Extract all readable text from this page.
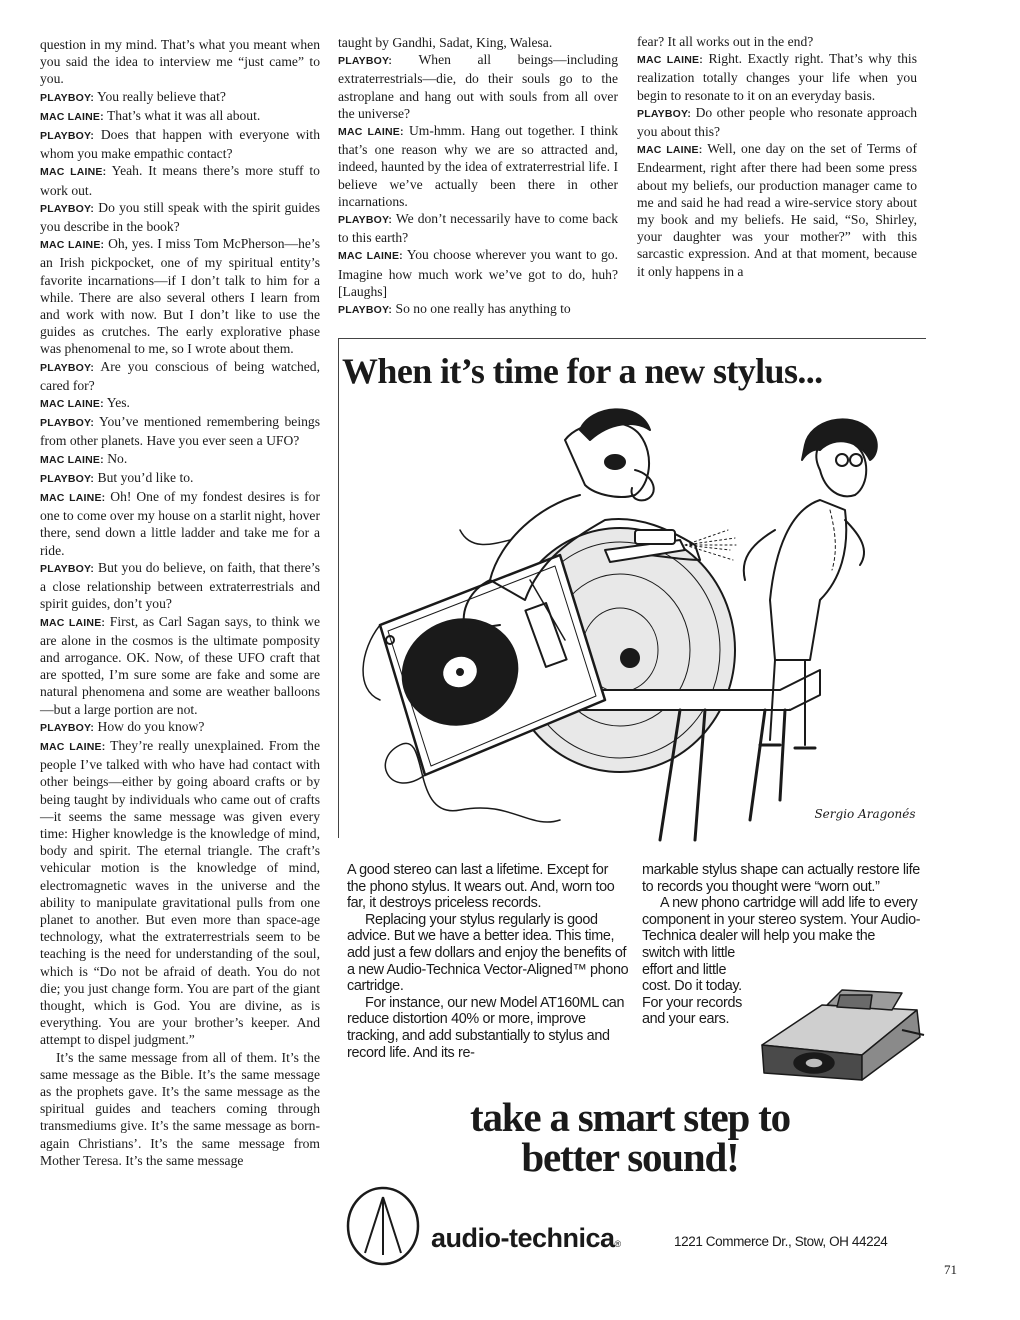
question in my mind. That’s what you meant when you said the idea to interview me “just came” to you.

PLAYBOY: You really believe that?

MAC LAINE: That’s what it was all about.

PLAYBOY: Does that happen with everyone with whom you make empathic contact?

MAC LAINE: Yeah. It means there’s more stuff to work out.

PLAYBOY: Do you still speak with the spirit guides you describe in the book?

MAC LAINE: Oh, yes. I miss Tom McPherson—he’s an Irish pickpocket, one of my spiritual entity’s favorite incarnations—if I don’t talk to him for a while. There are also several others I learn from and work with now. But I don’t like to use the guides as crutches. The early explorative phase was phenomenal to me, so I wrote about them.

PLAYBOY: Are you conscious of being watched, cared for?

MAC LAINE: Yes.

PLAYBOY: You’ve mentioned remembering beings from other planets. Have you ever seen a UFO?

MAC LAINE: No.

PLAYBOY: But you’d like to.

MAC LAINE: Oh! One of my fondest desires is for one to come over my house on a starlit night, hover there, send down a little ladder and take me for a ride.

PLAYBOY: But you do believe, on faith, that there’s a close relationship between extraterrestrials and spirit guides, don’t you?

MAC LAINE: First, as Carl Sagan says, to think we are alone in the cosmos is the ultimate pomposity and arrogance. OK. Now, of these UFO craft that are spotted, I’m sure some are fake and some are natural phenomena and some are weather balloons—but a large portion are not.

PLAYBOY: How do you know?

MAC LAINE: They’re really unexplained. From the people I’ve talked with who have had contact with other beings—either by going aboard crafts or by being taught by individuals who came out of crafts—it seems the same message was given every time: Higher knowledge is the knowledge of mind, body and spirit. The eternal triangle. The craft’s vehicular motion is the knowledge of mind, electromagnetic waves in the universe and the ability to manipulate gravitational pulls from one planet to another. But even more than space-age technology, what the extraterrestrials seem to be teaching is the need for understanding of the soul, which is “Do not be afraid of death. You do not die; you just change form. You are part of the giant thought, which is God. You are divine, as is everything. You are your brother’s keeper. And attempt to dispel judgment.”

It’s the same message from all of them. It’s the same message as the Bible. It’s the same message as the prophets gave. It’s the same message as the spiritual guides and teachers coming through transmediums give. It’s the same message as born-again Christians’. It’s the same message from Mother Teresa. It’s the same message

taught by Gandhi, Sadat, King, Walesa.

PLAYBOY: When all beings—including extraterrestrials—die, do their souls go to the astroplane and hang out with souls from all over the universe?

MAC LAINE: Um-hmm. Hang out together. I think that’s one reason why we are so attracted and, indeed, haunted by the idea of extraterrestrial life. I believe we’ve actually been there in other incarnations.

PLAYBOY: We don’t necessarily have to come back to this earth?

MAC LAINE: You choose wherever you want to go. Imagine how much work we’ve got to do, huh? [Laughs]

PLAYBOY: So no one really has anything to

fear? It all works out in the end?

MAC LAINE: Right. Exactly right. That’s why this realization totally changes your life when you begin to resonate to it on an everyday basis.

PLAYBOY: Do other people who resonate approach you about this?

MAC LAINE: Well, one day on the set of Terms of Endearment, right after there had been some press about my beliefs, our production manager came to me and said he had read a wire-service story about my book and my beliefs. He said, “So, Shirley, your daughter was your mother?” with this sarcastic expression. And at that moment, because it only happens in a

When it’s time for a new stylus...
Sergio Aragonés

A good stereo can last a lifetime. Except for the phono stylus. It wears out. And, worn too far, it destroys priceless records.

Replacing your stylus regularly is good advice. But we have a better idea. This time, add just a few dollars and enjoy the benefits of a new Audio-Technica Vector-Aligned™ phono cartridge.

For instance, our new Model AT160ML can reduce distortion 40% or more, improve tracking, and add substantially to stylus and record life. And its re-

markable stylus shape can actually restore life to records you thought were “worn out.”

A new phono cartridge will add life to every component in your stereo system. Your Audio-Technica dealer will help you make the

switch with little effort and little cost. Do it today. For your records and your ears.

take a smart step to
better sound!
audio-technica®	1221 Commerce Dr., Stow, OH 44224
71
